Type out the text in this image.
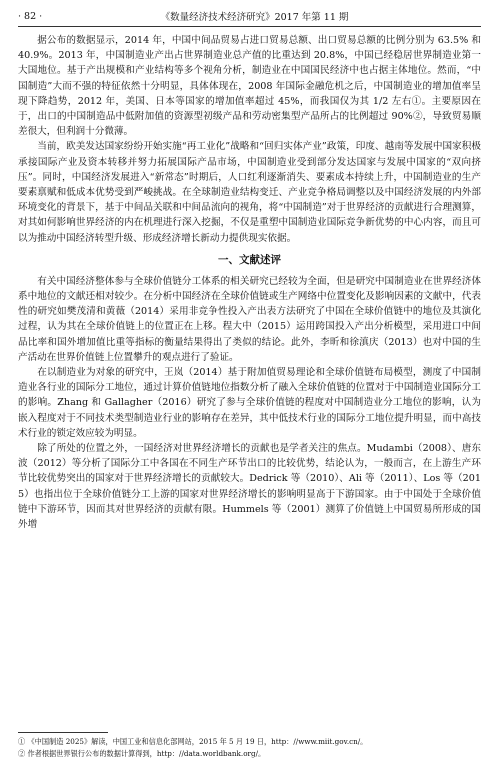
· 82 ·	《数量经济技术经济研究》2017 年第 11 期

据公布的数据显示，2014 年，中国中间品贸易占进口贸易总额、出口贸易总额的比例分别为 63.5% 和 40.9%。2013 年，中国制造业产出占世界制造业总产值的比重达到 20.8%，中国已经稳居世界制造业第一大国地位。基于产出规模和产业结构等多个视角分析，制造业在中国国民经济中也占据主体地位。然而，“中国制造”大而不强的特征依然十分明显，具体体现在，2008 年国际金融危机之后，中国制造业的增加值率呈现下降趋势，2012 年，美国、日本等国家的增加值率超过 45%，而我国仅为其 1/2 左右①。主要原因在于，出口的中国制造品中低附加值的资源型初级产品和劳动密集型产品所占的比例超过 90%②，导致贸易顺差很大，但利润十分微薄。

当前，欧美发达国家纷纷开始实施“再工业化”战略和“回归实体产业”政策，印度、越南等发展中国家积极承接国际产业及资本转移并努力拓展国际产品市场，中国制造业受到部分发达国家与发展中国家的“双向挤压”。同时，中国经济发展进入“新常态”时期后，人口红利逐渐消失、要素成本持续上升，中国制造业的生产要素禀赋和低成本优势受到严峻挑战。在全球制造业结构变迁、产业竞争格局调整以及中国经济发展的内外部环境变化的背景下，基于中间品关联和中间品流向的视角，将“中国制造”对于世界经济的贡献进行合理测算，对其如何影响世界经济的内在机理进行深入挖掘，不仅是重塑中国制造业国际竞争新优势的中心内容，而且可以为推动中国经济转型升级、形成经济增长新动力提供现实依据。

一、文献述评

有关中国经济整体参与全球价值链分工体系的相关研究已经较为全面，但是研究中国制造业在世界经济体系中地位的文献还相对较少。在分析中国经济在全球价值链或生产网络中位置变化及影响因素的文献中，代表性的研究如樊茂清和黄薇（2014）采用非竞争性投入产出表方法研究了中国在全球价值链中的地位及其演化过程，认为其在全球价值链上的位置正在上移。程大中（2015）运用跨国投入产出分析模型，采用进口中间品比率和国外增加值比重等指标的衡量结果得出了类似的结论。此外，李昕和徐滇庆（2013）也对中国的生产活动在世界价值链上位置攀升的观点进行了验证。

在以制造业为对象的研究中，王岚（2014）基于附加值贸易理论和全球价值链布局模型，测度了中国制造业各行业的国际分工地位，通过计算价值链地位指数分析了融入全球价值链的位置对于中国制造业国际分工的影响。Zhang 和 Gallagher（2016）研究了参与全球价值链的程度对中国制造业分工地位的影响，认为嵌入程度对于不同技术类型制造业行业的影响存在差异，其中低技术行业的国际分工地位提升明显，而中高技术行业的锁定效应较为明显。

除了所处的位置之外，一国经济对世界经济增长的贡献也是学者关注的焦点。Mudambi（2008）、唐东波（2012）等分析了国际分工中各国在不同生产环节出口的比较优势，结论认为，一般而言，在上游生产环节比较优势突出的国家对于世界经济增长的贡献较大。Dedrick 等（2010）、Ali 等（2011）、Los 等（2015）也指出位于全球价值链分工上游的国家对世界经济增长的影响明显高于下游国家。由于中国处于全球价值链中下游环节，因而其对世界经济的贡献有限。Hummels 等（2001）测算了价值链上中国贸易所形成的国外增

① 《中国制造 2025》解读，中国工业和信息化部网站，2015 年 5 月 19 日，http：//www.miit.gov.cn/。

② 作者根据世界银行公布的数据计算得到，http：//data.worldbank.org/。
